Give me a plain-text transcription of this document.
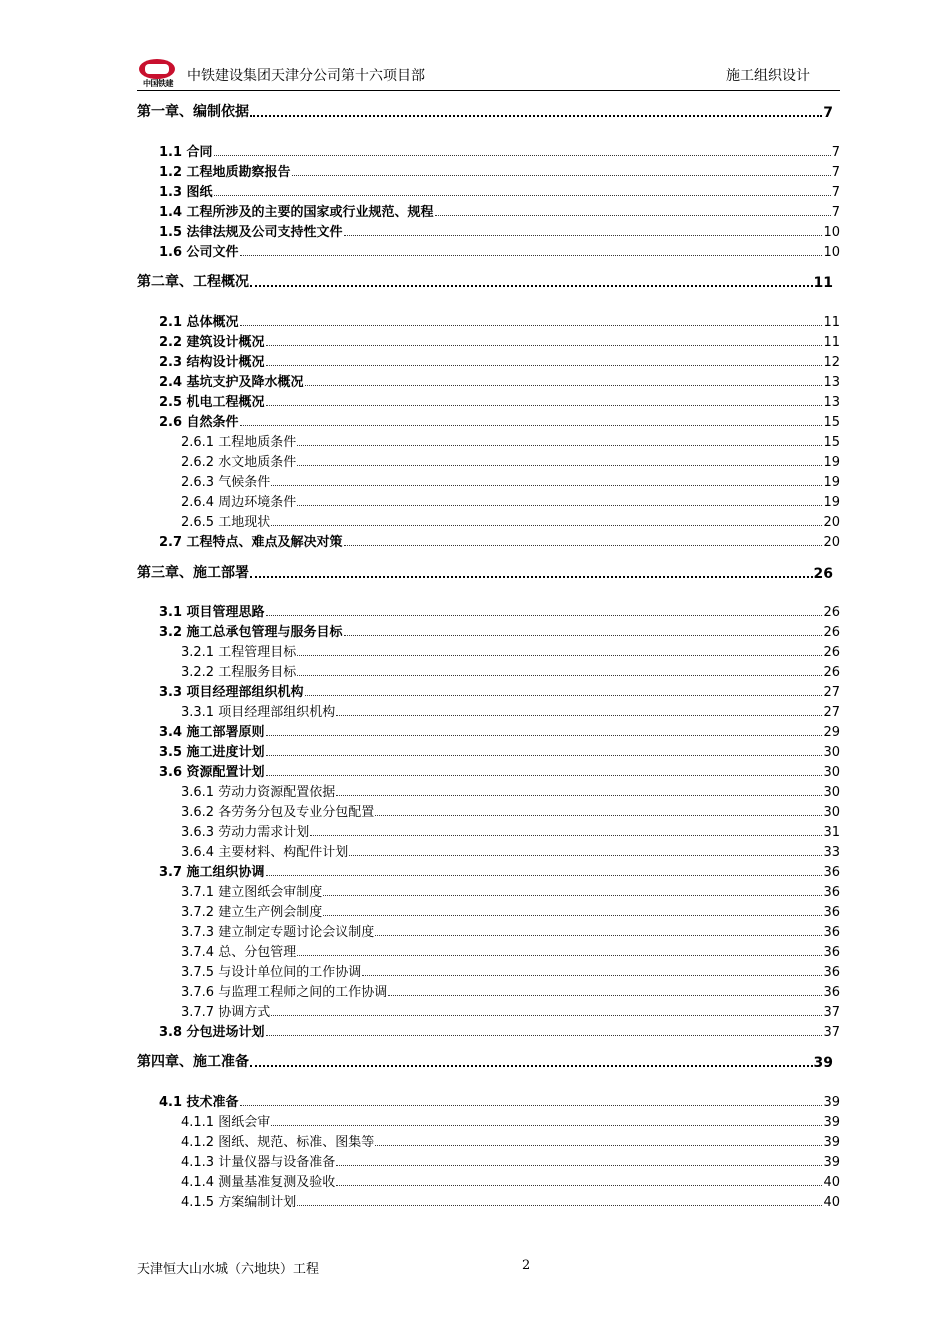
中国铁建 中铁建设集团天津分公司第十六项目部	施工组织设计
第一章、编制依据	7
1.1 合同	7
1.2 工程地质勘察报告	7
1.3 图纸	7
1.4 工程所涉及的主要的国家或行业规范、规程	7
1.5 法律法规及公司支持性文件	10
1.6 公司文件	10
第二章、工程概况	11
2.1 总体概况	11
2.2 建筑设计概况	11
2.3 结构设计概况	12
2.4 基坑支护及降水概况	13
2.5 机电工程概况	13
2.6 自然条件	15
2.6.1 工程地质条件	15
2.6.2 水文地质条件	19
2.6.3 气候条件	19
2.6.4 周边环境条件	19
2.6.5 工地现状	20
2.7 工程特点、难点及解决对策	20
第三章、施工部署	26
3.1 项目管理思路	26
3.2 施工总承包管理与服务目标	26
3.2.1 工程管理目标	26
3.2.2 工程服务目标	26
3.3 项目经理部组织机构	27
3.3.1 项目经理部组织机构	27
3.4 施工部署原则	29
3.5 施工进度计划	30
3.6 资源配置计划	30
3.6.1 劳动力资源配置依据	30
3.6.2 各劳务分包及专业分包配置	30
3.6.3 劳动力需求计划	31
3.6.4 主要材料、构配件计划	33
3.7 施工组织协调	36
3.7.1 建立图纸会审制度	36
3.7.2 建立生产例会制度	36
3.7.3 建立制定专题讨论会议制度	36
3.7.4 总、分包管理	36
3.7.5 与设计单位间的工作协调	36
3.7.6 与监理工程师之间的工作协调	36
3.7.7 协调方式	37
3.8 分包进场计划	37
第四章、施工准备	39
4.1 技术准备	39
4.1.1 图纸会审	39
4.1.2 图纸、规范、标准、图集等	39
4.1.3 计量仪器与设备准备	39
4.1.4 测量基准复测及验收	40
4.1.5 方案编制计划	40
天津恒大山水城（六地块）工程	2
